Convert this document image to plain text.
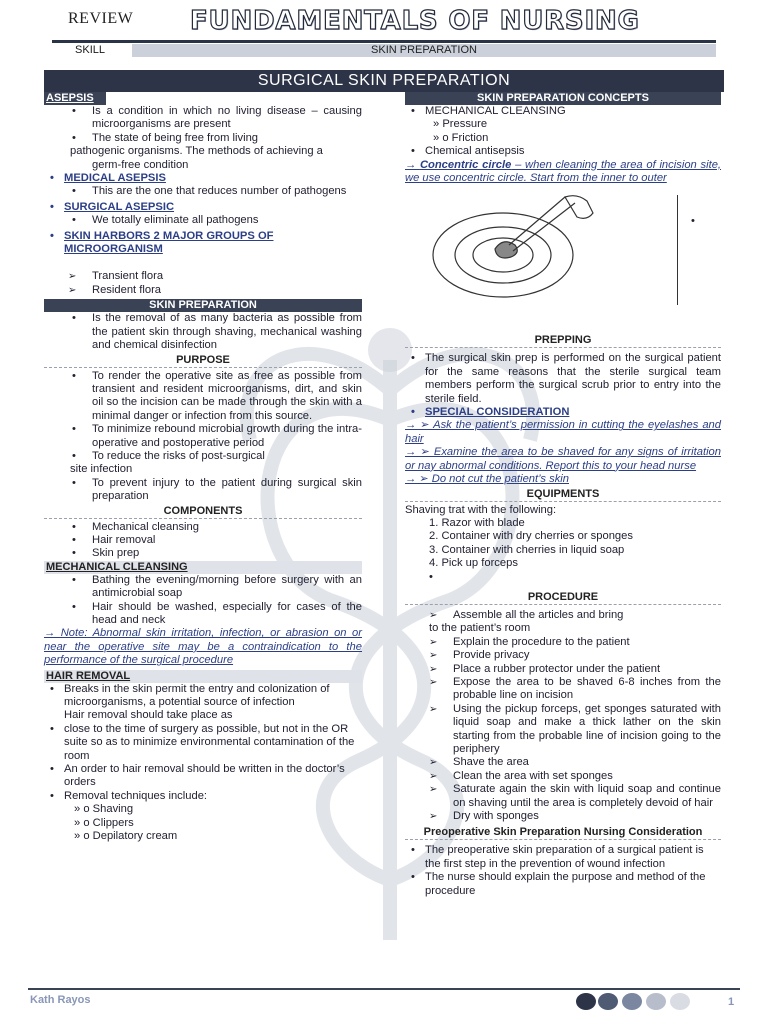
REVIEW FUNDAMENTALS OF NURSING
SKILL	SKIN PREPARATION
SURGICAL SKIN PREPARATION
ASEPSIS
• Is a condition in which no living disease – causing microorganisms are present
• The state of being free from living
pathogenic organisms. The methods of achieving a
germ-free condition
• MEDICAL ASEPSIS
• This are the one that reduces number of pathogens
• SURGICAL ASEPSIC
• We totally eliminate all pathogens
• SKIN HARBORS 2 MAJOR GROUPS OF MICROORGANISM
➢ Transient flora
➢ Resident flora
SKIN PREPARATION
• Is the removal of as many bacteria as possible from the patient skin through shaving, mechanical washing and chemical disinfection
PURPOSE
• To render the operative site as free as possible from transient and resident microorganisms, dirt, and skin oil so the incision can be made through the skin with a minimal danger or infection from this source.
• To minimize rebound microbial growth during the intra-operative and postoperative period
• To reduce the risks of post-surgical
site infection
• To prevent injury to the patient during surgical skin preparation
COMPONENTS
• Mechanical cleansing
• Hair removal
• Skin prep
MECHANICAL CLEANSING
• Bathing the evening/morning before surgery with an antimicrobial soap
• Hair should be washed, especially for cases of the head and neck
→ Note: Abnormal skin irritation, infection, or abrasion on or near the operative site may be a contraindication to the performance of the surgical procedure
HAIR REMOVAL
• Breaks in the skin permit the entry and colonization of microorganisms, a potential source of infection
Hair removal should take place as
• close to the time of surgery as possible, but not in the OR suite so as to minimize environmental contamination of the room
• An order to hair removal should be written in the doctor’s orders
• Removal techniques include:
» o Shaving
» o Clippers
» o Depilatory cream
SKIN PREPARATION CONCEPTS
• MECHANICAL CLEANSING
» Pressure
» o Friction
• Chemical antisepsis
→ Concentric circle – when cleaning the area of incision site, we use concentric circle. Start from the inner to outer
•
PREPPING
• The surgical skin prep is performed on the surgical patient for the same reasons that the sterile surgical team members perform the surgical scrub prior to entry into the sterile field.
• SPECIAL CONSIDERATION
→ ➢ Ask the patient’s permission in cutting the eyelashes and hair
→ ➢ Examine the area to be shaved for any signs of irritation or nay abnormal conditions. Report this to your head nurse
→ ➢ Do not cut the patient’s skin
EQUIPMENTS
Shaving trat with the following:
1. Razor with blade
2. Container with dry cherries or sponges
3. Container with cherries in liquid soap
4. Pick up forceps
•
PROCEDURE
➢ Assemble all the articles and bring
to the patient’s room
➢ Explain the procedure to the patient
➢ Provide privacy
➢ Place a rubber protector under the patient
➢ Expose the area to be shaved 6-8 inches from the probable line on incision
➢ Using the pickup forceps, get sponges saturated with liquid soap and make a thick lather on the skin starting from the probable line of incision going to the periphery
➢ Shave the area
➢ Clean the area with set sponges
➢ Saturate again the skin with liquid soap and continue on shaving until the area is completely devoid of hair
➢ Dry with sponges
Preoperative Skin Preparation Nursing Consideration
• The preoperative skin preparation of a surgical patient is the first step in the prevention of wound infection
• The nurse should explain the purpose and method of the procedure
Kath Rayos	1
